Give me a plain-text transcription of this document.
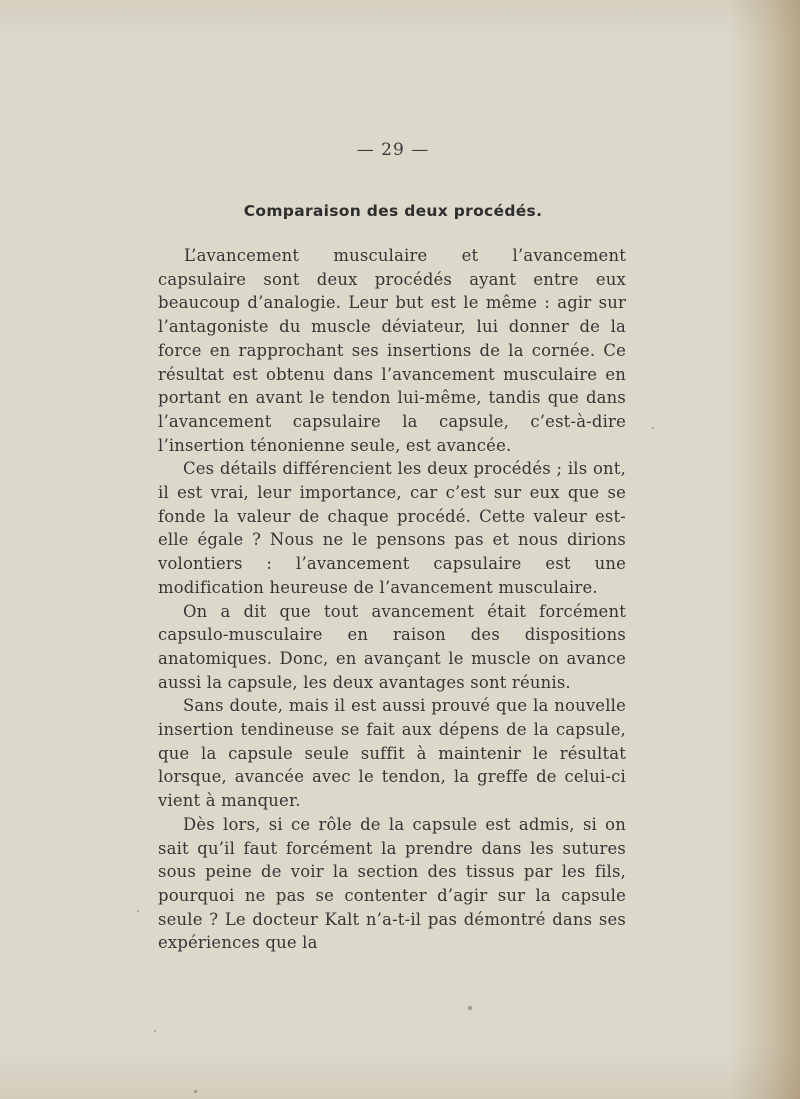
— 29 —
Comparaison des deux procédés.

L’avancement musculaire et l’avancement capsulaire sont deux procédés ayant entre eux beaucoup d’analogie. Leur but est le même : agir sur l’antagoniste du muscle déviateur, lui donner de la force en rapprochant ses insertions de la cornée. Ce résultat est obtenu dans l’avancement musculaire en portant en avant le tendon lui-même, tandis que dans l’avancement capsulaire la capsule, c’est-à-dire l’insertion ténonienne seule, est avancée.

Ces détails différencient les deux procédés ; ils ont, il est vrai, leur importance, car c’est sur eux que se fonde la valeur de chaque procédé. Cette valeur est-elle égale ? Nous ne le pensons pas et nous dirions volontiers : l’avancement capsulaire est une modification heureuse de l’avancement musculaire.

On a dit que tout avancement était forcément capsulo-musculaire en raison des dispositions anatomiques. Donc, en avançant le muscle on avance aussi la capsule, les deux avantages sont réunis.

Sans doute, mais il est aussi prouvé que la nouvelle insertion tendineuse se fait aux dépens de la capsule, que la capsule seule suffit à maintenir le résultat lorsque, avancée avec le tendon, la greffe de celui-ci vient à manquer.

Dès lors, si ce rôle de la capsule est admis, si on sait qu’il faut forcément la prendre dans les sutures sous peine de voir la section des tissus par les fils, pourquoi ne pas se contenter d’agir sur la capsule seule ? Le docteur Kalt n’a-t-il pas démontré dans ses expériences que la
